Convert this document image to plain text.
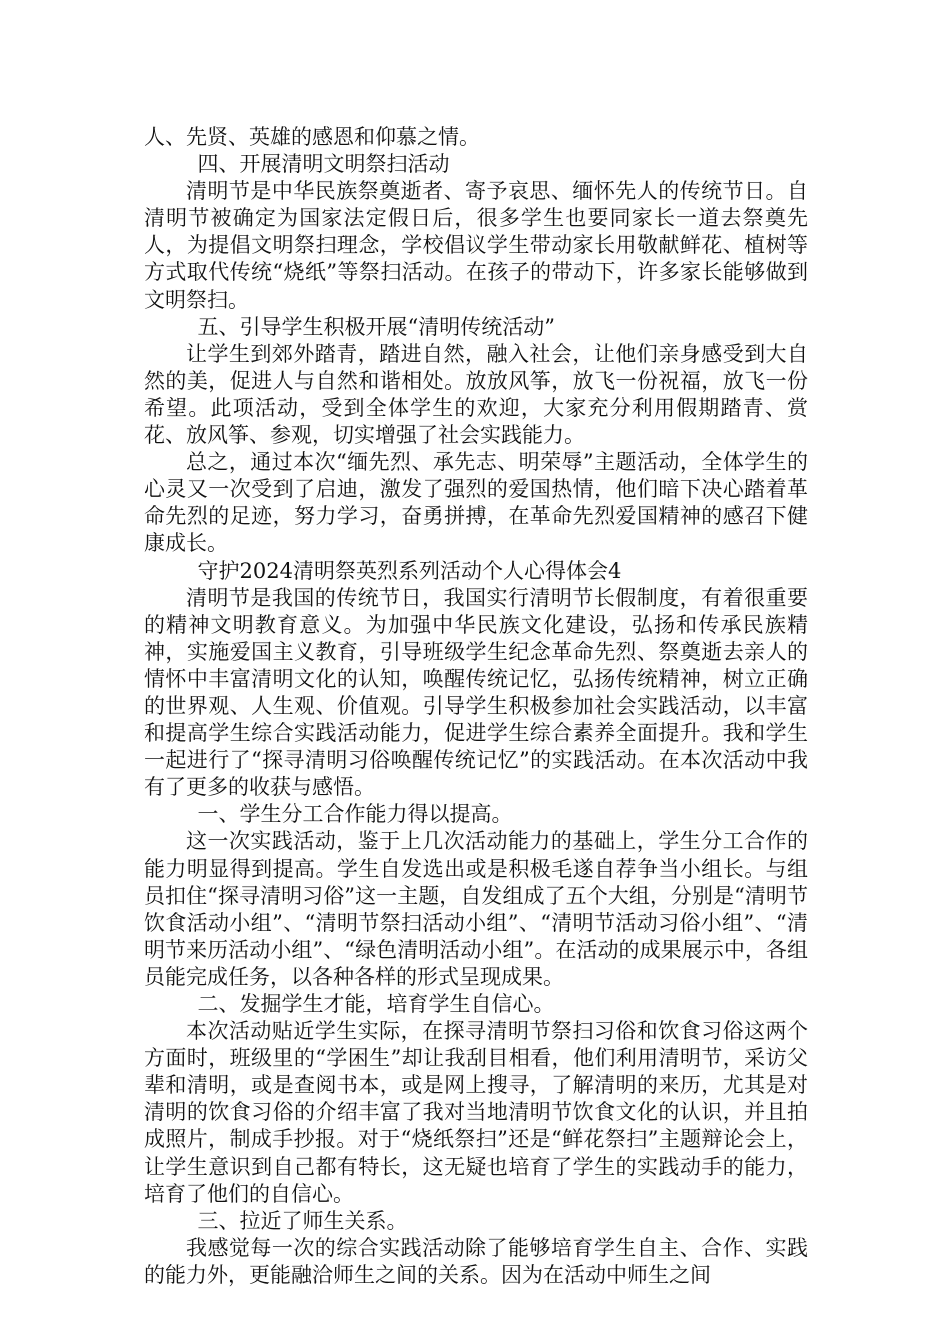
人、先贤、英雄的感恩和仰慕之情。

四、开展清明文明祭扫活动

清明节是中华民族祭奠逝者、寄予哀思、缅怀先人的传统节日。自清明节被确定为国家法定假日后，很多学生也要同家长一道去祭奠先人，为提倡文明祭扫理念，学校倡议学生带动家长用敬献鲜花、植树等方式取代传统“烧纸”等祭扫活动。在孩子的带动下，许多家长能够做到文明祭扫。

五、引导学生积极开展“清明传统活动”

让学生到郊外踏青，踏进自然，融入社会，让他们亲身感受到大自然的美，促进人与自然和谐相处。放放风筝，放飞一份祝福，放飞一份希望。此项活动，受到全体学生的欢迎，大家充分利用假期踏青、赏花、放风筝、参观，切实增强了社会实践能力。

总之，通过本次“缅先烈、承先志、明荣辱”主题活动，全体学生的心灵又一次受到了启迪，激发了强烈的爱国热情，他们暗下决心踏着革命先烈的足迹，努力学习，奋勇拼搏，在革命先烈爱国精神的感召下健康成长。

守护2024清明祭英烈系列活动个人心得体会4

清明节是我国的传统节日，我国实行清明节长假制度，有着很重要的精神文明教育意义。为加强中华民族文化建设，弘扬和传承民族精神，实施爱国主义教育，引导班级学生纪念革命先烈、祭奠逝去亲人的情怀中丰富清明文化的认知，唤醒传统记忆，弘扬传统精神，树立正确的世界观、人生观、价值观。引导学生积极参加社会实践活动，以丰富和提高学生综合实践活动能力，促进学生综合素养全面提升。我和学生一起进行了“探寻清明习俗唤醒传统记忆”的实践活动。在本次活动中我有了更多的收获与感悟。

一、学生分工合作能力得以提高。

这一次实践活动，鉴于上几次活动能力的基础上，学生分工合作的能力明显得到提高。学生自发选出或是积极毛遂自荐争当小组长。与组员扣住“探寻清明习俗”这一主题，自发组成了五个大组，分别是“清明节饮食活动小组”、“清明节祭扫活动小组”、“清明节活动习俗小组”、“清明节来历活动小组”、“绿色清明活动小组”。在活动的成果展示中，各组员能完成任务，以各种各样的形式呈现成果。

二、发掘学生才能，培育学生自信心。

本次活动贴近学生实际，在探寻清明节祭扫习俗和饮食习俗这两个方面时，班级里的“学困生”却让我刮目相看，他们利用清明节，采访父辈和清明，或是查阅书本，或是网上搜寻，了解清明的来历，尤其是对清明的饮食习俗的介绍丰富了我对当地清明节饮食文化的认识，并且拍成照片，制成手抄报。对于“烧纸祭扫”还是“鲜花祭扫”主题辩论会上，让学生意识到自己都有特长，这无疑也培育了学生的实践动手的能力，培育了他们的自信心。

三、拉近了师生关系。

我感觉每一次的综合实践活动除了能够培育学生自主、合作、实践的能力外，更能融洽师生之间的关系。因为在活动中师生之间
